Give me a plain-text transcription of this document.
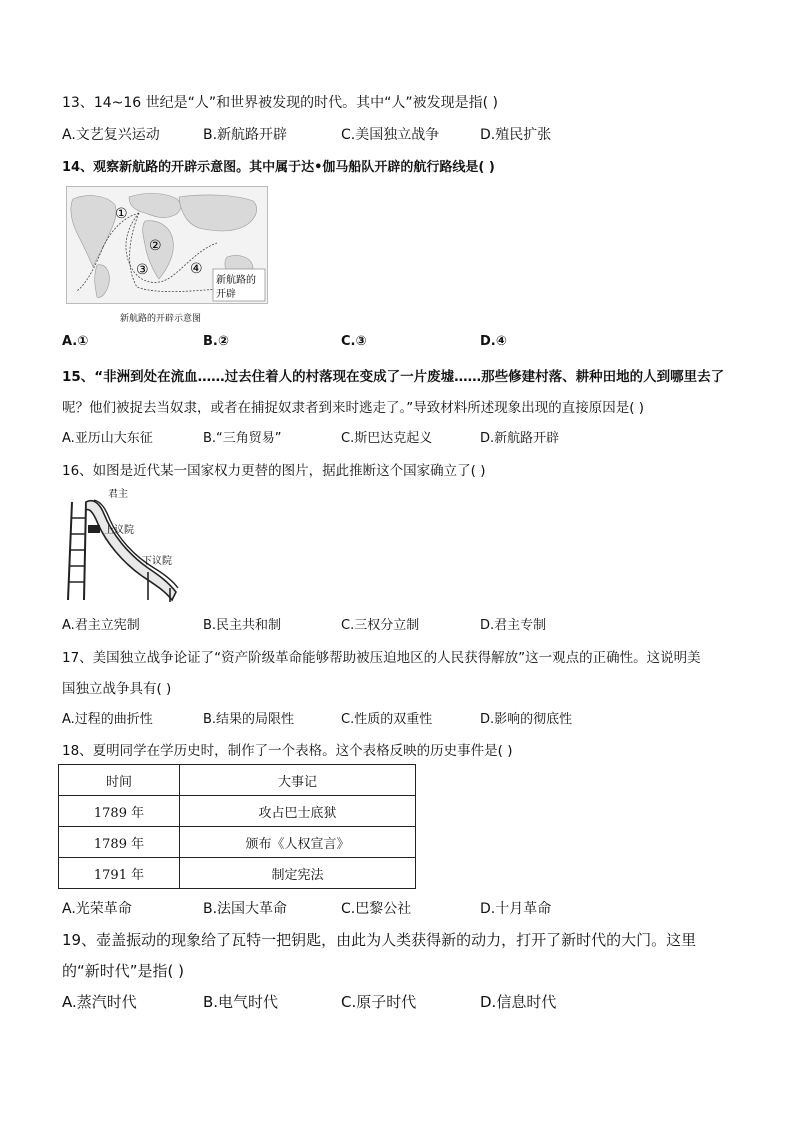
13、14~16 世纪是“人”和世界被发现的时代。其中“人”被发现是指( )
A.文艺复兴运动	B.新航路开辟	C.美国独立战争	D.殖民扩张
14、观察新航路的开辟示意图。其中属于达•伽马船队开辟的航行路线是( )
①
②
③	④
新航路的
开辟
新航路的开辟示意图
A.①	B.②	C.③	D.④
15、“非洲到处在流血……过去住着人的村落现在变成了一片废墟……那些修建村落、耕种田地的人到哪里去了
呢？他们被捉去当奴隶，或者在捕捉奴隶者到来时逃走了。”导致材料所述现象出现的直接原因是( )
A.亚历山大东征	B.“三角贸易”	C.斯巴达克起义	D.新航路开辟
16、如图是近代某一国家权力更替的图片，据此推断这个国家确立了( )
君主
上议院
下议院
A.君主立宪制	B.民主共和制	C.三权分立制	D.君主专制
17、美国独立战争论证了“资产阶级革命能够帮助被压迫地区的人民获得解放”这一观点的正确性。这说明美
国独立战争具有( )
A.过程的曲折性	B.结果的局限性	C.性质的双重性	D.影响的彻底性
18、夏明同学在学历史时，制作了一个表格。这个表格反映的历史事件是( )
时间	大事记
1789 年	攻占巴士底狱
1789 年	颁布《人权宣言》
1791 年	制定宪法
A.光荣革命	B.法国大革命	C.巴黎公社	D.十月革命
19、壶盖振动的现象给了瓦特一把钥匙，由此为人类获得新的动力，打开了新时代的大门。这里
的“新时代”是指( )
A.蒸汽时代	B.电气时代	C.原子时代	D.信息时代
